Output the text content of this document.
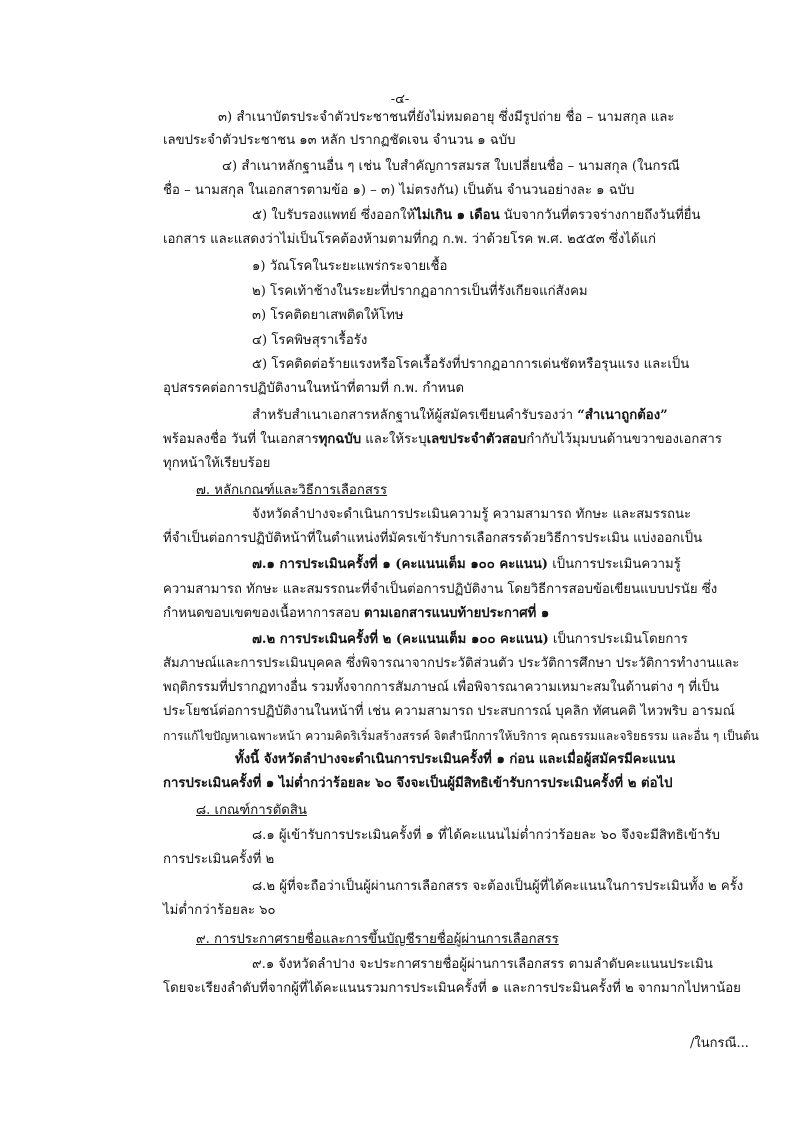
-๔-
๓) สำเนาบัตรประจำตัวประชาชนที่ยังไม่หมดอายุ ซึ่งมีรูปถ่าย ชื่อ – นามสกุล และ
เลขประจำตัวประชาชน ๑๓ หลัก ปรากฏชัดเจน จำนวน ๑ ฉบับ
๔) สำเนาหลักฐานอื่น ๆ เช่น ใบสำคัญการสมรส ใบเปลี่ยนชื่อ – นามสกุล (ในกรณี
ชื่อ – นามสกุล ในเอกสารตามข้อ ๑) – ๓) ไม่ตรงกัน) เป็นต้น จำนวนอย่างละ ๑ ฉบับ
๕) ใบรับรองแพทย์ ซึ่งออกให้ไม่เกิน ๑ เดือน นับจากวันที่ตรวจร่างกายถึงวันที่ยื่น
เอกสาร และแสดงว่าไม่เป็นโรคต้องห้ามตามที่กฎ ก.พ. ว่าด้วยโรค พ.ศ. ๒๕๕๓ ซึ่งได้แก่
๑) วัณโรคในระยะแพร่กระจายเชื้อ
๒) โรคเท้าช้างในระยะที่ปรากฏอาการเป็นที่รังเกียจแก่สังคม
๓) โรคติดยาเสพติดให้โทษ
๔) โรคพิษสุราเรื้อรัง
๕) โรคติดต่อร้ายแรงหรือโรคเรื้อรังที่ปรากฏอาการเด่นชัดหรือรุนแรง และเป็น
อุปสรรคต่อการปฏิบัติงานในหน้าที่ตามที่ ก.พ. กำหนด
สำหรับสำเนาเอกสารหลักฐานให้ผู้สมัครเขียนคำรับรองว่า “สำเนาถูกต้อง”
พร้อมลงชื่อ วันที่ ในเอกสารทุกฉบับ และให้ระบุเลขประจำตัวสอบกำกับไว้มุมบนด้านขวาของเอกสาร
ทุกหน้าให้เรียบร้อย
๗. หลักเกณฑ์และวิธีการเลือกสรร
จังหวัดลำปางจะดำเนินการประเมินความรู้ ความสามารถ ทักษะ และสมรรถนะ
ที่จำเป็นต่อการปฏิบัติหน้าที่ในตำแหน่งที่มัครเข้ารับการเลือกสรรด้วยวิธีการประเมิน แบ่งออกเป็น
๗.๑ การประเมินครั้งที่ ๑ (คะแนนเต็ม ๑๐๐ คะแนน) เป็นการประเมินความรู้
ความสามารถ ทักษะ และสมรรถนะที่จำเป็นต่อการปฏิบัติงาน โดยวิธีการสอบข้อเขียนแบบปรนัย ซึ่ง
กำหนดขอบเขตของเนื้อหาการสอบ ตามเอกสารแนบท้ายประกาศที่ ๑
๗.๒ การประเมินครั้งที่ ๒ (คะแนนเต็ม ๑๐๐ คะแนน) เป็นการประเมินโดยการ
สัมภาษณ์และการประเมินบุคคล ซึ่งพิจารณาจากประวัติส่วนตัว ประวัติการศึกษา ประวัติการทำงานและ
พฤติกรรมที่ปรากฏทางอื่น รวมทั้งจากการสัมภาษณ์ เพื่อพิจารณาความเหมาะสมในด้านต่าง ๆ ที่เป็น
ประโยชน์ต่อการปฏิบัติงานในหน้าที่ เช่น ความสามารถ ประสบการณ์ บุคลิก ทัศนคติ ไหวพริบ อารมณ์
การแก้ไขปัญหาเฉพาะหน้า ความคิดริเริ่มสร้างสรรค์ จิตสำนึกการให้บริการ คุณธรรมและจริยธรรม และอื่น ๆ เป็นต้น
ทั้งนี้ จังหวัดลำปางจะดำเนินการประเมินครั้งที่ ๑ ก่อน และเมื่อผู้สมัครมีคะแนน
การประเมินครั้งที่ ๑ ไม่ต่ำกว่าร้อยละ ๖๐ จึงจะเป็นผู้มีสิทธิเข้ารับการประเมินครั้งที่ ๒ ต่อไป
๘. เกณฑ์การตัดสิน
๘.๑ ผู้เข้ารับการประเมินครั้งที่ ๑ ที่ได้คะแนนไม่ต่ำกว่าร้อยละ ๖๐ จึงจะมีสิทธิเข้ารับ
การประเมินครั้งที่ ๒
๘.๒ ผู้ที่จะถือว่าเป็นผู้ผ่านการเลือกสรร จะต้องเป็นผู้ที่ได้คะแนนในการประเมินทั้ง ๒ ครั้ง
ไม่ต่ำกว่าร้อยละ ๖๐
๙. การประกาศรายชื่อและการขึ้นบัญชีรายชื่อผู้ผ่านการเลือกสรร
๙.๑ จังหวัดลำปาง จะประกาศรายชื่อผู้ผ่านการเลือกสรร ตามลำดับคะแนนประเมิน
โดยจะเรียงลำดับที่จากผู้ที่ได้คะแนนรวมการประเมินครั้งที่ ๑ และการประมินครั้งที่ ๒ จากมากไปหาน้อย
/ในกรณี...
